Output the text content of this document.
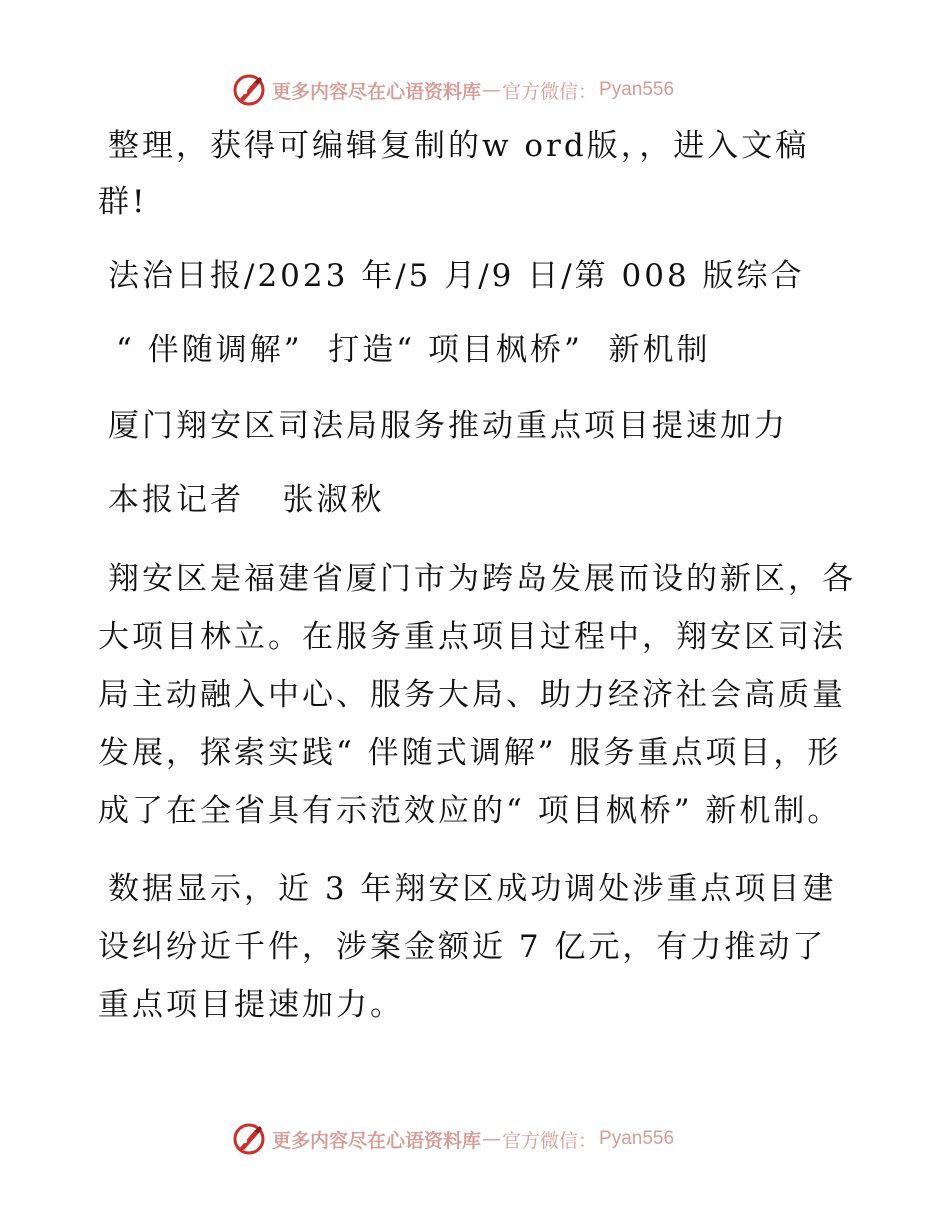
更多内容尽在心语资料库 — 官方微信： Pyan556

整理，获得可编辑复制的w ord版，，进入文稿群!

法治日报/2023 年/5 月/9 日/第 008 版综合

“ 伴随调解”  打造“ 项目枫桥”  新机制

厦门翔安区司法局服务推动重点项目提速加力

本报记者   张淑秋

翔安区是福建省厦门市为跨岛发展而设的新区，各大项目林立。在服务重点项目过程中，翔安区司法局主动融入中心、服务大局、助力经济社会高质量发展，探索实践“ 伴随式调解” 服务重点项目，形成了在全省具有示范效应的“ 项目枫桥” 新机制。

数据显示，近 3 年翔安区成功调处涉重点项目建设纠纷近千件，涉案金额近 7 亿元，有力推动了重点项目提速加力。

更多内容尽在心语资料库 — 官方微信： Pyan556
